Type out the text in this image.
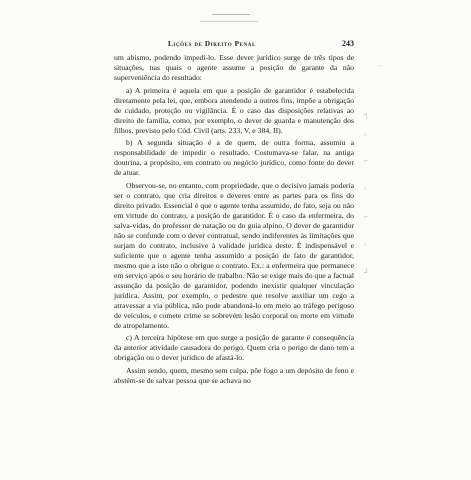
Lições de Direito Penal	243
ˏ

um abismo, podendo impedi-lo. Esse dever jurídico surge de três tipos de situações, nas quais o agente assume a posição de garante da não superveniência do resultado:

a) A primeira é aquela em que a posição de garantidor é estabelecida diretamente pela lei, que, embora atendendo a outros fins, impõe a obrigação de cuidado, proteção ou vigilância. É o caso das disposições relativas ao direito de família, como, por exemplo, o dever de guarda e manutenção dos filhos, previsto pelo Cód. Civil (arts. 233, V, e 384, II).

b) A segunda situação é a de quem, de outra forma, assumiu a responsabilidade de impedir o resultado. Costumava-se falar, na antiga doutrina, a propósito, em contrato ou negócio jurídico, como fonte do dever de atuar.

Observou-se, no entanto, com propriedade, que o decisivo jamais poderia ser o contrato, que cria direitos e deveres entre as partes para os fins do direito privado. Essencial é que o agente tenha assumido, de fato, seja ou não em virtude do contrato, a posição de garantidor. É o caso da enfermeira, do salva-vidas, do professor de natação ou do guia alpino. O dever de garantidor não se confunde com o dever contratual, sendo indiferentes às limitações que surjam do contrato, inclusive à validade jurídica deste. É indispensável e suficiente que o agente tenha assumido a posição de fato de garantidor, mesmo que a isto não o obrigue o contrato. Ex.: a enfermeira que permanece em serviço após o seu horário de trabalho. Não se exige mais do que a factual assunção da posição de garantidor, podendo inexistir qualquer vinculação jurídica. Assim, por exemplo, o pedestre que resolve auxiliar um cego a atravessar a via pública, não pode abandoná-lo em meio ao tráfego perigoso de veículos, e comete crime se sobrevém lesão corporal ou morte em virtude de atropelamento.

c) A terceira hipótese em que surge a posição de garante é consequência da anterior atividade causadora do perigo. Quem cria o perigo de dano tem a obrigação ou o dever jurídico de afastá-lo.

Assim sendo, quem, mesmo sem culpa, põe fogo a um depósito de feno e abstém-se de salvar pessoa que se achava no

┐
◦
⌐
◦
⌐
◦
┘
